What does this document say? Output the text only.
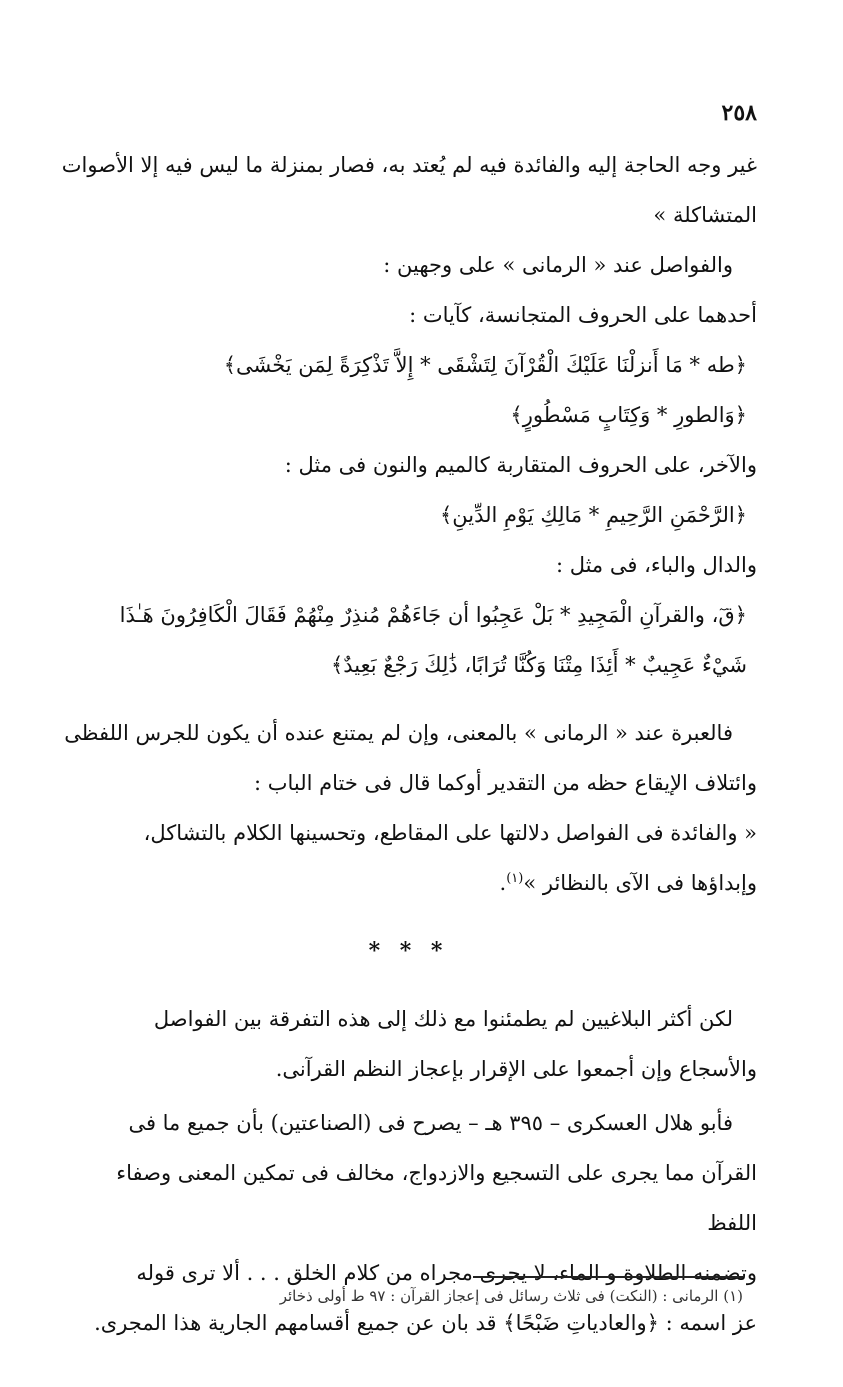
٢٥٨

غير وجه الحاجة إليه والفائدة فيه لم يُعتد به، فصار بمنزلة ما ليس فيه إلا الأصوات

المتشاكلة »

والفواصل عند « الرمانى » على وجهين :

أحدهما على الحروف المتجانسة، كآيات :

﴿طه * مَا أَنزلْنَا عَلَيْكَ الْقُرْآنَ لِتَشْقَى * إِلاَّ تَذْكِرَةً لِمَن يَخْشَى﴾

﴿وَالطورِ * وَكِتَابٍ مَسْطُورٍ﴾

والآخر، على الحروف المتقاربة كالميم والنون فى مثل :

﴿الرَّحْمَنِ الرَّحِيمِ * مَالِكِ يَوْمِ الدِّينِ﴾

والدال والباء، فى مثل :

﴿قٓ، والقرآنِ الْمَجِيدِ * بَلْ عَجِبُوا أن جَاءَهُمْ مُنذِرٌ مِنْهُمْ فَقَالَ الْكَافِرُونَ هَـٰذَا

شَيْءٌ عَجِيبٌ * أَئِذَا مِتْنَا وَكُنَّا تُرَابًا، ذَٰلِكَ رَجْعٌ بَعِيدٌ﴾

فالعبرة عند « الرمانى » بالمعنى، وإن لم يمتنع عنده أن يكون للجرس اللفظى

وائتلاف الإيقاع حظه من التقدير أوكما قال فى ختام الباب :

« والفائدة فى الفواصل دلالتها على المقاطع، وتحسينها الكلام بالتشاكل،

وإبداؤها فى الآى بالنظائر »$^{(١)}$.

* * *

لكن أكثر البلاغيين لم يطمئنوا مع ذلك إلى هذه التفرقة بين الفواصل

والأسجاع وإن أجمعوا على الإقرار بإعجاز النظم القرآنى.

فأبو هلال العسكرى – ٣٩٥ هـ – يصرح فى (الصناعتين) بأن جميع ما فى

القرآن مما يجرى على التسجيع والازدواج، مخالف فى تمكين المعنى وصفاء اللفظ

وتضمنه الطلاوة و الماء، لا يجرى مجراه من كلام الخلق . . . ألا ترى قوله

عز اسمه : ﴿والعادياتِ ضَبْحًا﴾ قد بان عن جميع أقسامهم الجارية هذا المجرى.

(١) الرمانى : (النكت) فى ثلاث رسائل فى إعجاز القرآن : ٩٧ ط أولى ذخائر
